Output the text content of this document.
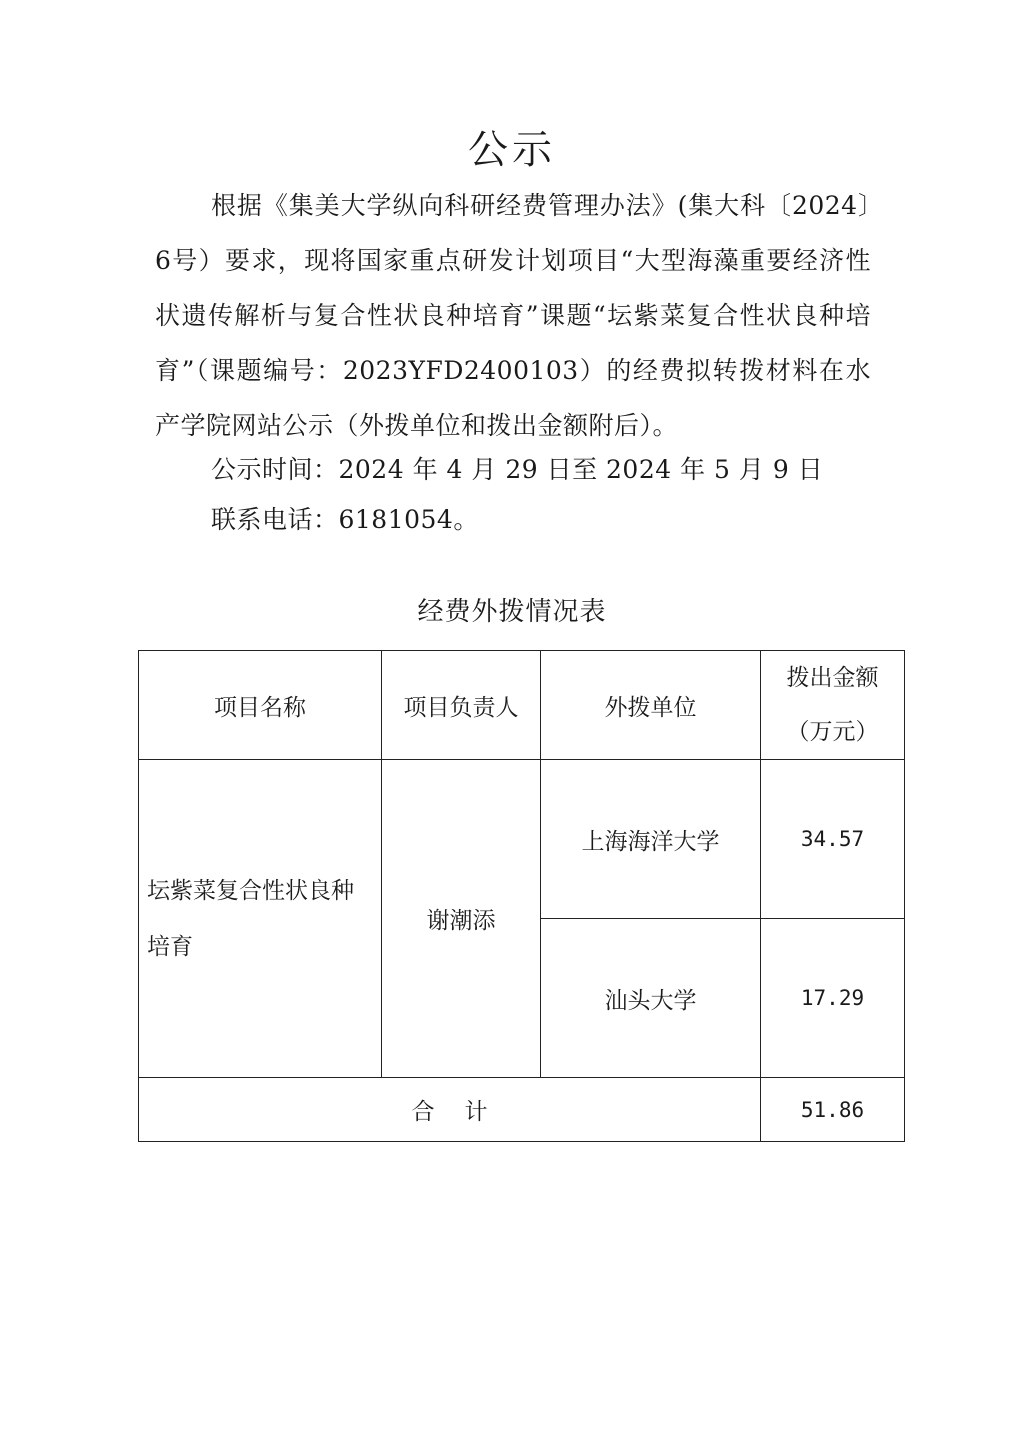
公示
根据《集美大学纵向科研经费管理办法》(集大科〔2024〕6号）要求，现将国家重点研发计划项目“大型海藻重要经济性状遗传解析与复合性状良种培育”课题“坛紫菜复合性状良种培育”（课题编号：2023YFD2400103）的经费拟转拨材料在水产学院网站公示（外拨单位和拨出金额附后）。
公示时间：2024 年 4 月 29 日至 2024 年 5 月 9 日
联系电话：6181054。
经费外拨情况表
项目名称	项目负责人	外拨单位	拨出金额
（万元）

坛紫菜复合性状良种培育	谢潮添	上海海洋大学	34.57
		汕头大学	17.29
合计			51.86
